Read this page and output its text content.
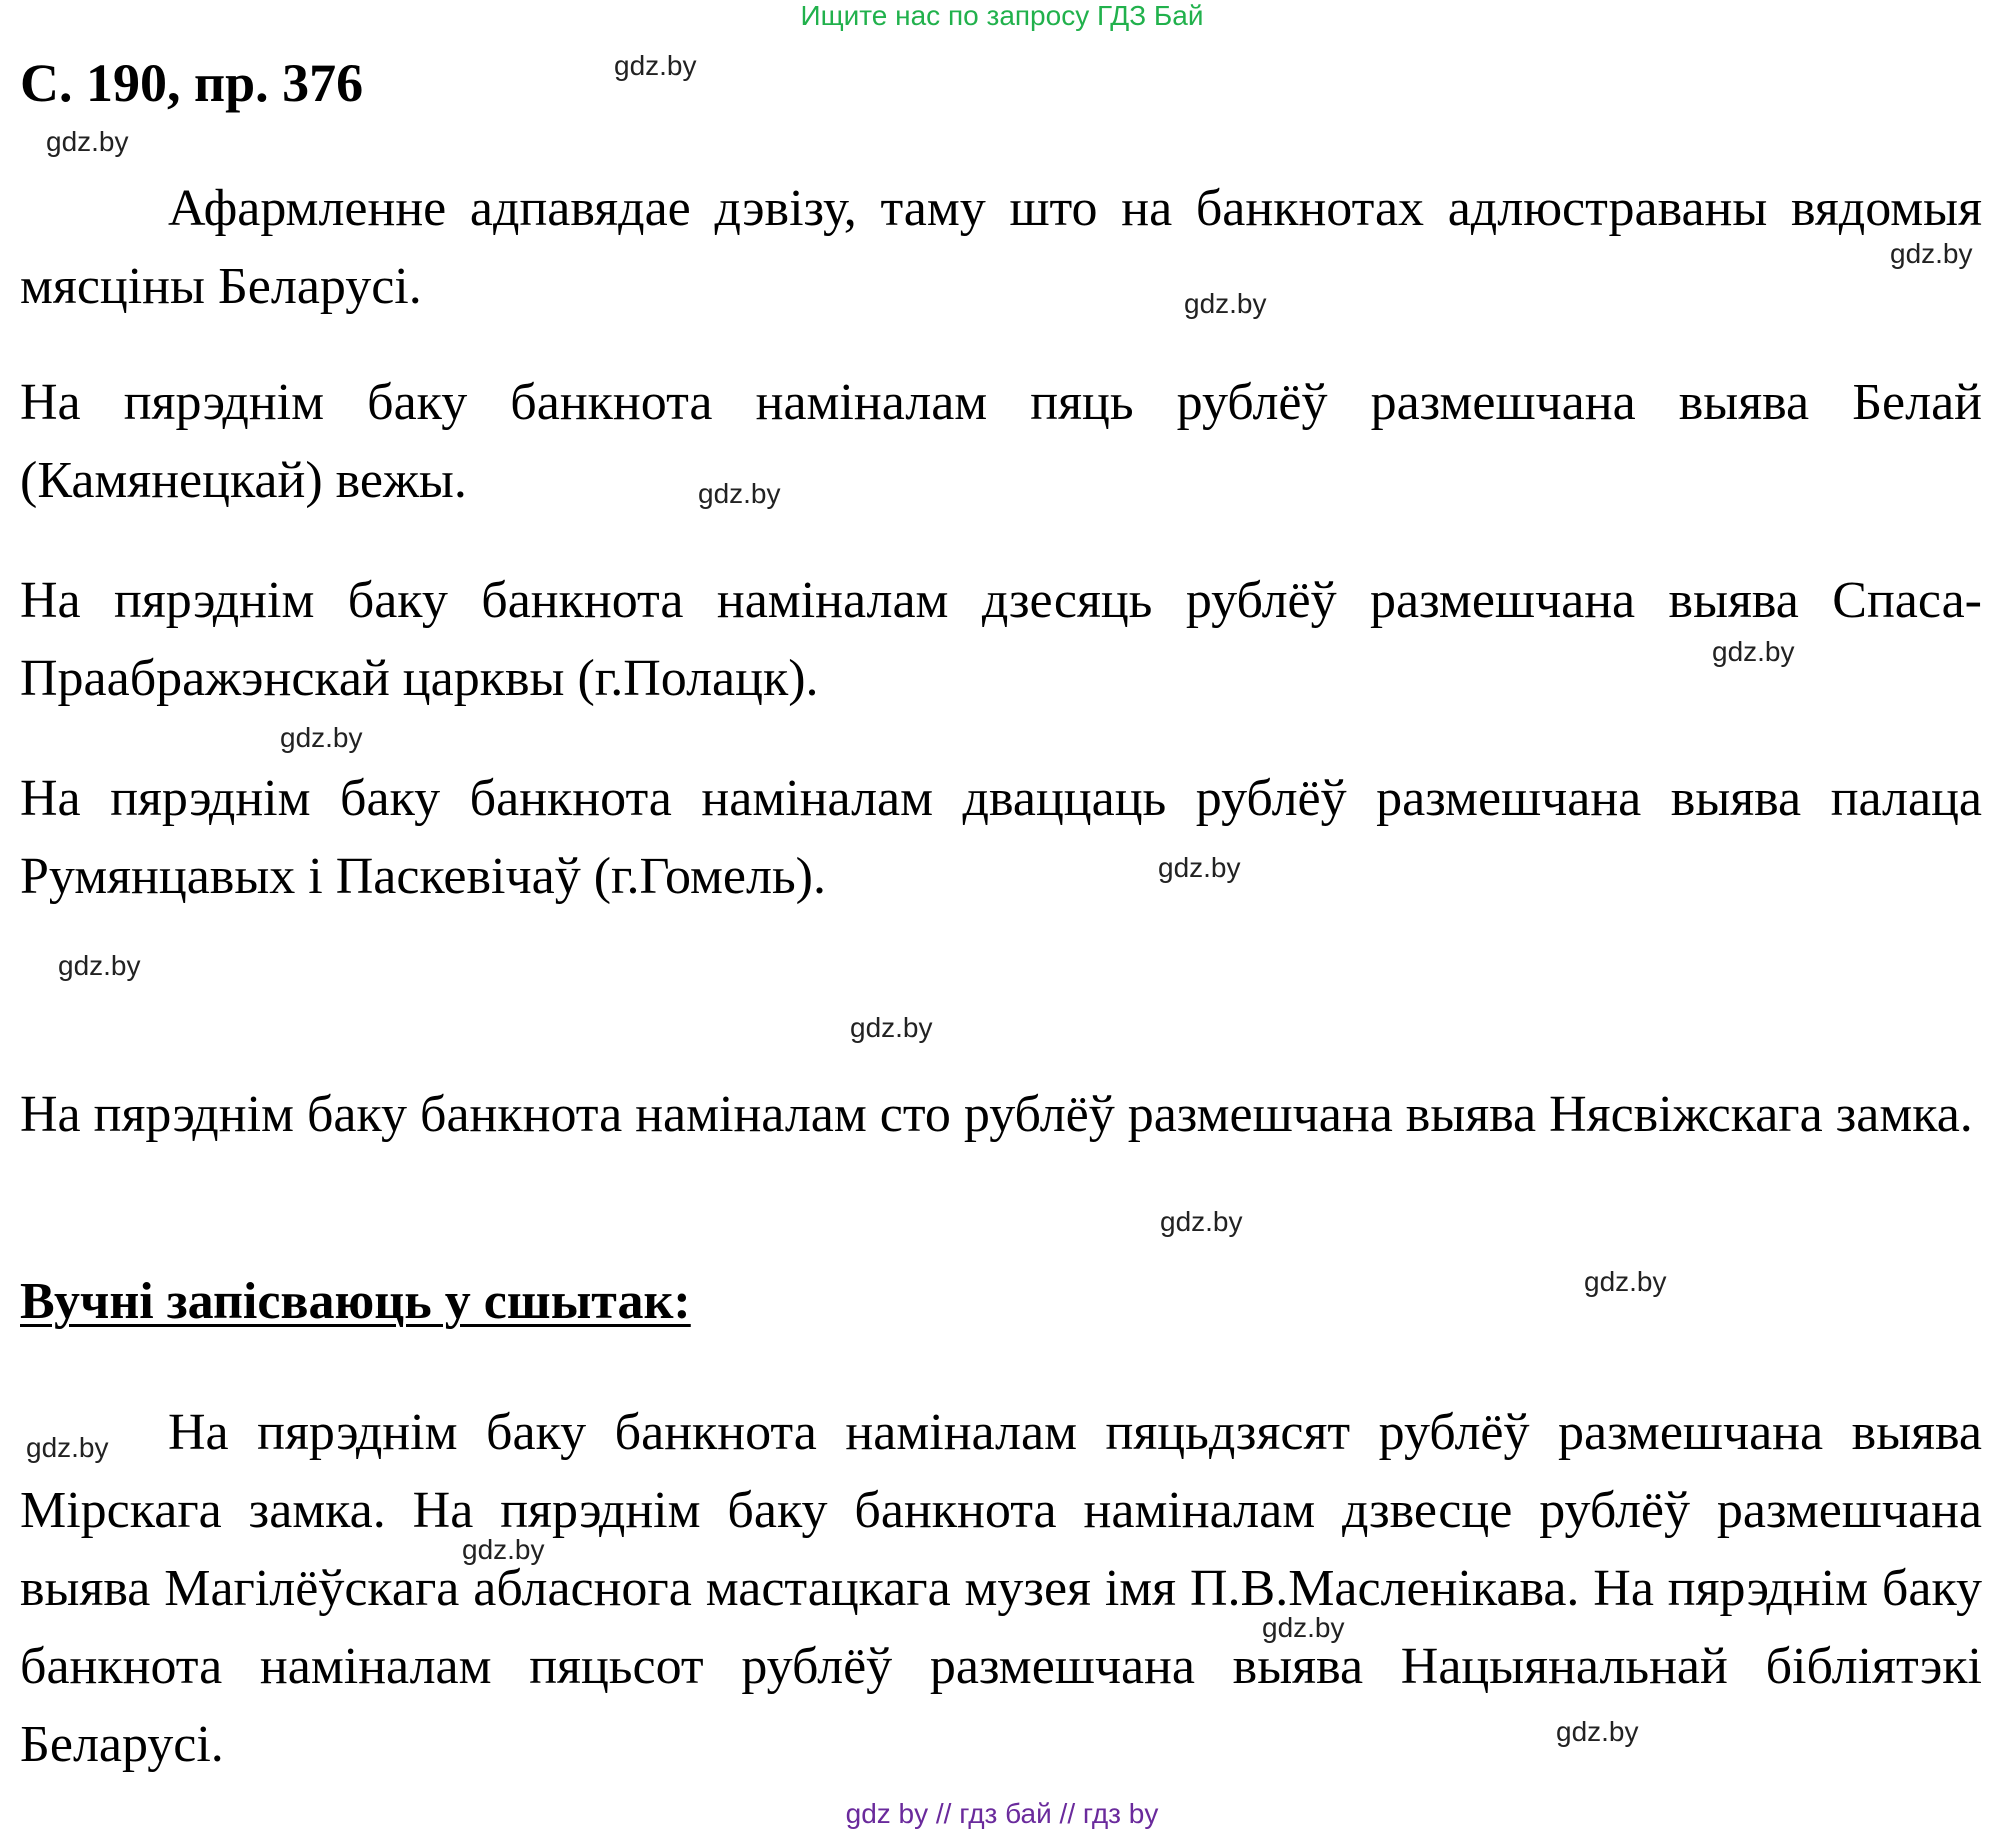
Ищите нас по запросу ГДЗ Бай
С. 190, пр. 376
Афармленне адпавядае дэвізу, таму што на банкнотах адлюстраваны вядомыя мясціны Беларусі.
На пярэднім баку банкнота наміналам пяць рублёў размешчана выява Белай (Камянецкай) вежы.
На пярэднім баку банкнота наміналам дзесяць рублёў размешчана выява Спаса-Праабражэнскай царквы (г.Полацк).
На пярэднім баку банкнота наміналам дваццаць рублёў размешчана выява палаца Румянцавых і Паскевічаў (г.Гомель).
На пярэднім баку банкнота наміналам сто рублёў размешчана выява Нясвіжскага замка.
Вучні запісваюць у сшытак:
На пярэднім баку банкнота наміналам пяцьдзясят рублёў размешчана выява Мірскага замка. На пярэднім баку банкнота наміналам дзвесце рублёў размешчана выява Магілёўскага абласнога мастацкага музея імя П.В.Масленікава. На пярэднім баку банкнота наміналам пяцьсот рублёў размешчана выява Нацыянальнай бібліятэкі Беларусі.
gdz.by
gdz.by
gdz.by
gdz.by
gdz.by
gdz.by
gdz.by
gdz.by
gdz.by
gdz.by
gdz.by
gdz.by
gdz.by
gdz.by
gdz.by
gdz.by
gdz by // гдз бай // гдз by
